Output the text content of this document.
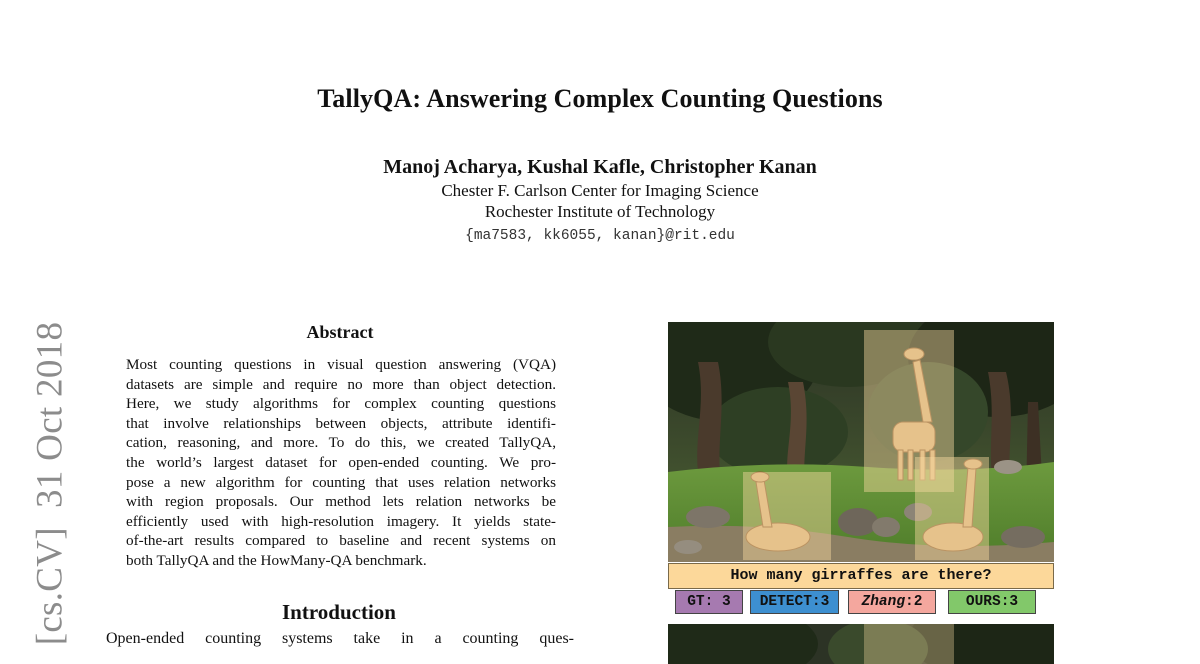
TallyQA: Answering Complex Counting Questions
Manoj Acharya, Kushal Kafle, Christopher Kanan
Chester F. Carlson Center for Imaging Science
Rochester Institute of Technology
{ma7583, kk6055, kanan}@rit.edu
[cs.CV]  31 Oct 2018	Abstract
Most counting questions in visual question answering (VQA)
datasets are simple and require no more than object detection.
Here, we study algorithms for complex counting questions
that involve relationships between objects, attribute identifi-
cation, reasoning, and more. To do this, we created TallyQA,
the world’s largest dataset for open-ended counting. We pro-
pose a new algorithm for counting that uses relation networks
with region proposals. Our method lets relation networks be
efficiently used with high-resolution imagery. It yields state-
of-the-art results compared to baseline and recent systems on
both TallyQA and the HowMany-QA benchmark.
Introduction
Open-ended counting systems take in a counting ques-
How many girraffes are there?
GT: 3	DETECT:3	Zhang:2	OURS:3
